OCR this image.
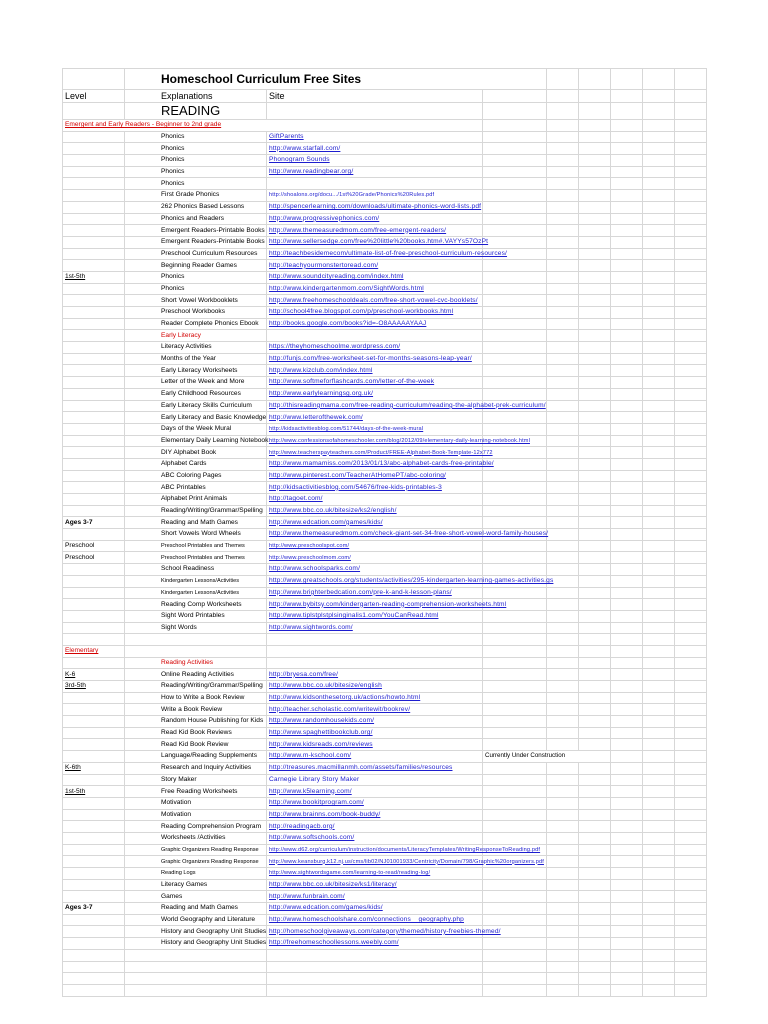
	Homeschool Curriculum Free Sites							
Level	Explanations	Site						
	READING							
Emergent and Early Readers - Beginner to 2nd grade								
	Phonics	GiftParents						
	Phonics	http://www.starfall.com/						
	Phonics	Phonogram Sounds						
	Phonics	http://www.readingbear.org/						
	Phonics							
	First Grade Phonics	http://shoalons.org/docu.../1st%20Grade/Phonics%20Rules.pdf						
	262 Phonics Based Lessons	http://spencerlearning.com/downloads/ultimate-phonics-word-lists.pdf						
	Phonics and Readers	http://www.progressivephonics.com/						
	Emergent Readers-Printable Books	http://www.themeasuredmom.com/free-emergent-readers/						
	Emergent Readers-Printable Books	http://www.sellersedge.com/free%20little%20books.htm#.VAYYs57OzPt						
	Preschool Curriculum Resources	http://teachbesidemecom/ultimate-list-of-free-preschool-curriculum-resources/						
	Beginning Reader Games	http://teachyourmonstertoread.com/						
1st-5th	Phonics	http://www.soundcityreading.com/index.html						
	Phonics	http://www.kindergartenmom.com/SightWords.html						
	Short Vowel Workbooklets	http://www.freehomeschooldeals.com/free-short-vowel-cvc-booklets/						
	Preschool Workbooks	http://school4free.blogspot.com/p/preschool-workbooks.html						
	Reader Complete Phonics Ebook	http://books.google.com/books?id=-O8AAAAAYAAJ						
	Early Literacy							
	Literacy Activities	https://theyhomeschoolme.wordpress.com/						
	Months of the Year	http://funjs.com/free-worksheet-set-for-months-seasons-leap-year/						
	Early Literacy Worksheets	http://www.kizclub.com/index.html						
	Letter of the Week and More	http://www.softmeforflashcards.com/letter-of-the-week						
	Early Childhood Resources	http://www.earlylearningsg.org.uk/						
	Early Literacy Skills Curriculum	http://thisreadingmama.com/free-reading-curriculum/reading-the-alphabet-prek-curriculum/						
	Early Literacy and Basic Knowledge	http://www.letterofthewek.com/						
	Days of the Week Mural	http://kidsactivitiesblog.com/51744/days-of-the-week-mural						
	Elementary Daily Learning Notebook	http://www.confessionsofahomeschooler.com/blog/2012/09/elementary-daily-learning-notebook.html						
	DIY Alphabet Book	http://www.teacherspayteachers.com/Product/FREE-Alphabet-Book-Template-12x772						
	Alphabet Cards	http://www.mamamiss.com/2013/01/13/abc-alphabet-cards-free-printable/						
	ABC Coloring Pages	http://www.pinterest.com/TeacherAtHomePT/abc-coloring/						
	ABC Printables	http://kidsactivitiesblog.com/54676/free-kids-printables-3						
	Alphabet Print Animals	http://tagoet.com/						
	Reading/Writing/Grammar/Spelling	http://www.bbc.co.uk/bitesize/ks2/english/						
Ages 3-7	Reading and Math Games	http://www.edcation.com/games/kids/						
	Short Vowels Word Wheels	http://www.themeasuredmom.com/check-giant-set-34-free-short-vowel-word-family-houses/						
Preschool	Preschool Printables and Themes	http://www.preschoolspot.com/						
Preschool	Preschool Printables and Themes	http://www.preschoolmom.com/						
	School Readiness	http://www.schoolsparks.com/						
	Kindergarten Lessons/Activities	http://www.greatschools.org/students/activities/295-kindergarten-learning-games-activities.gs						
	Kindergarten Lessons/Activities	http://www.brighterbedcation.com/pre-k-and-k-lesson-plans/						
	Reading Comp Worksheets	http://www.bybitsy.com/kindergarten-reading-comprehension-worksheets.html						
	Sight Word Printables	http://www.tiplstplstplsinginalis1.com/YouCanRead.html						
	Sight Words	http://www.sightwords.com/						

Elementary								
	Reading Activities							
K-6	Online Reading Activities	http://bryesa.com/free/						
3rd-5th	Reading/Writing/Grammar/Spelling	http://www.bbc.co.uk/bitesize/english						
	How to Write a Book Review	http://www.kidsonthesetorg.uk/actions/howto.html						
	Write a Book Review	http://teacher.scholastic.com/writewit/bookrev/						
	Random House Publishing for Kids	http://www.randomhousekids.com/						
	Read Kid Book Reviews	http://www.spaghettibookclub.org/						
	Read Kid Book Review	http://www.kidsreads.com/reviews						
	Language/Reading Supplements	http://www.m-kschool.com/	Currently Under Construction					
K-6th	Research and Inquiry Activities	http://treasures.macmillanmh.com/assets/families/resources						
	Story Maker	Carnegie Library Story Maker						
1st-5th	Free Reading Worksheets	http://www.k5learning.com/						
	Motivation	http://www.bookitprogram.com/						
	Motivation	http://www.brainns.com/book-buddy/						
	Reading Comprehension Program	http://readingacb.org/						
	Worksheets /Activities	http://www.softschools.com/						
	Graphic Organizers Reading Response	http://www.d62.org/curriculum/instruction/documents/LiteracyTemplates/WritingResponseToReading.pdf						
	Graphic Organizers Reading Response	http://www.keansburg.k12.nj.us/cms/lib02/NJ01001933/Centricity/Domain/798/Graphic%20organizers.pdf						
	Reading Logs	http://www.sightwordsgame.com/learning-to-read/reading-log/						
	Literacy Games	http://www.bbc.co.uk/bitesize/ks1/literacy/						
	Games	http://www.funbrain.com/						
Ages 3-7	Reading and Math Games	http://www.edcation.com/games/kids/						
	World Geography and Literature	http://www.homeschoolshare.com/connections__geography.php						
	History and Geography Unit Studies	http://homeschoolgiveaways.com/category/themed/history-freebies-themed/						
	History and Geography Unit Studies	http://freehomeschoollessons.weebly.com/						
